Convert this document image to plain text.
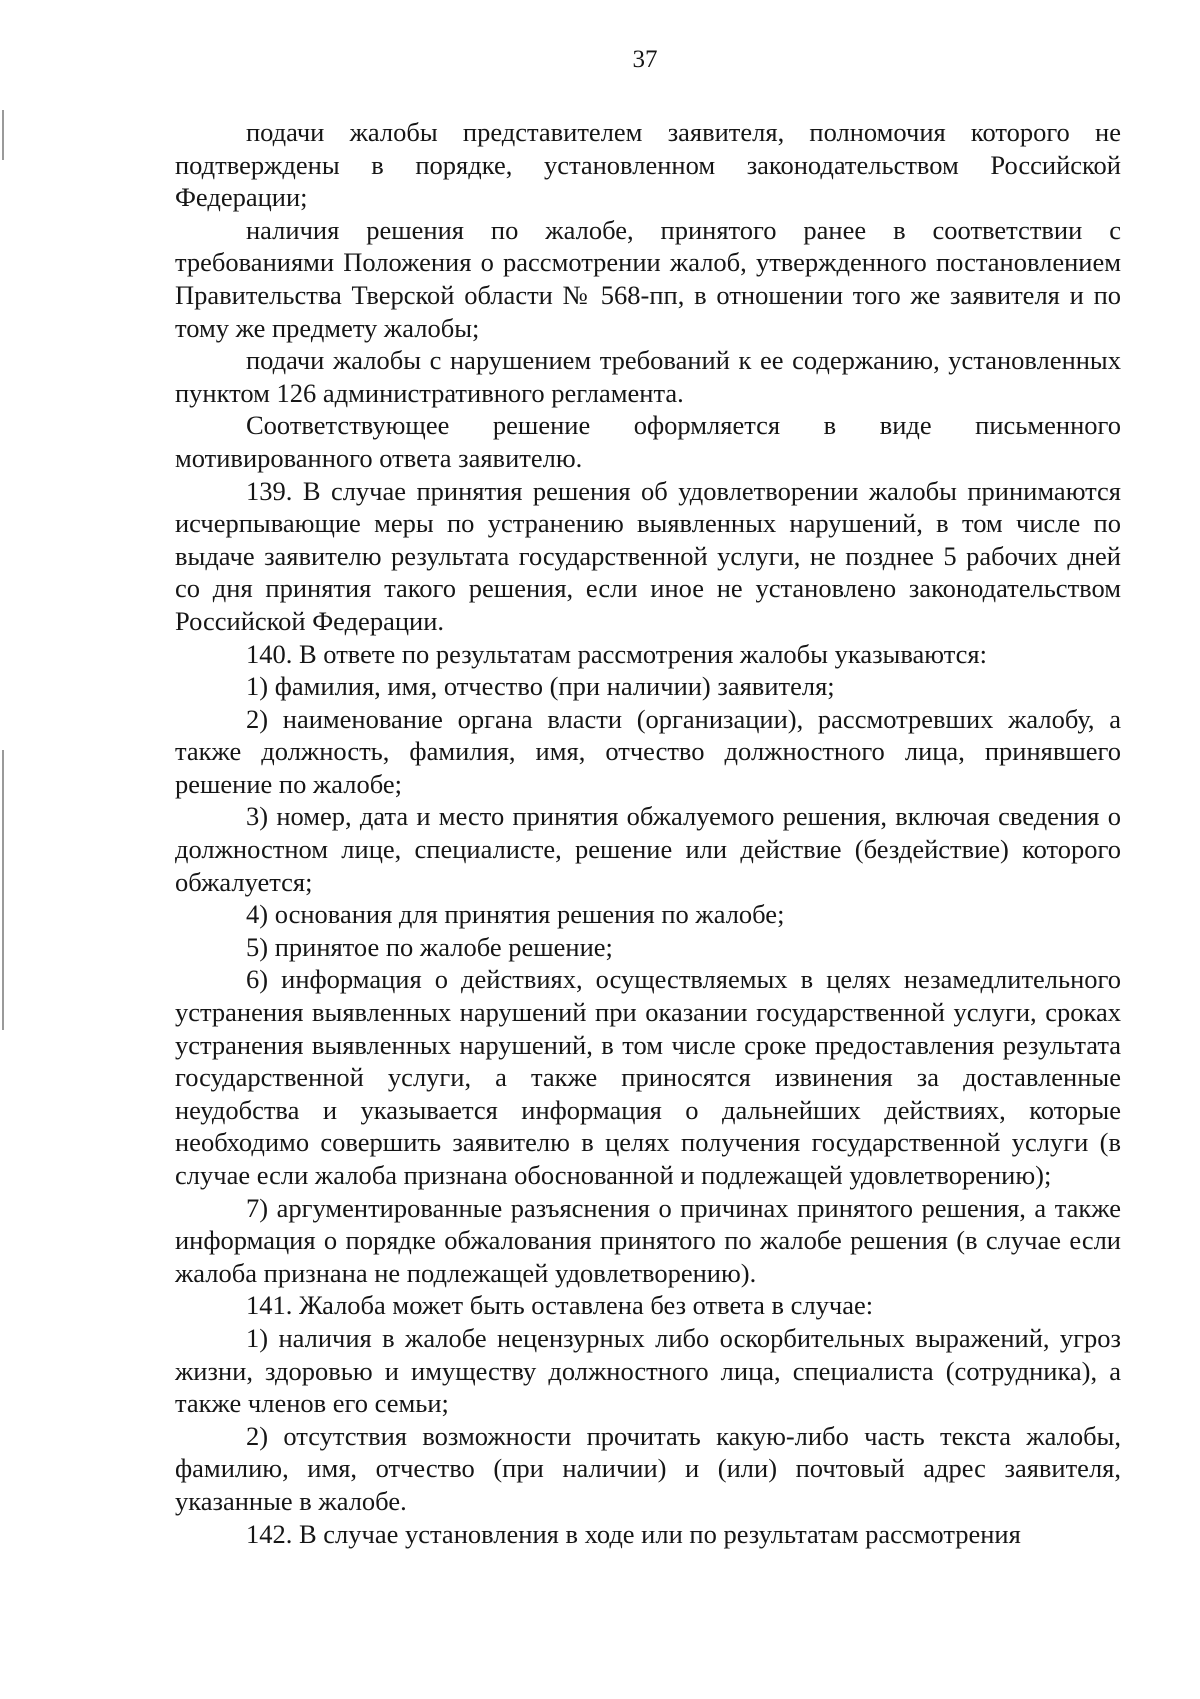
37

подачи жалобы представителем заявителя, полномочия которого не подтверждены в порядке, установленном законодательством Российской Федерации;

наличия решения по жалобе, принятого ранее в соответствии с требованиями Положения о рассмотрении жалоб, утвержденного постановлением Правительства Тверской области № 568-пп, в отношении того же заявителя и по тому же предмету жалобы;

подачи жалобы с нарушением требований к ее содержанию, установленных пунктом 126 административного регламента.

Соответствующее решение оформляется в виде письменного мотивированного ответа заявителю.

139. В случае принятия решения об удовлетворении жалобы принимаются исчерпывающие меры по устранению выявленных нарушений, в том числе по выдаче заявителю результата государственной услуги, не позднее 5 рабочих дней со дня принятия такого решения, если иное не установлено законодательством Российской Федерации.

140. В ответе по результатам рассмотрения жалобы указываются:

1) фамилия, имя, отчество (при наличии) заявителя;

2) наименование органа власти (организации), рассмотревших жалобу, а также должность, фамилия, имя, отчество должностного лица, принявшего решение по жалобе;

3) номер, дата и место принятия обжалуемого решения, включая сведения о должностном лице, специалисте, решение или действие (бездействие) которого обжалуется;

4) основания для принятия решения по жалобе;

5) принятое по жалобе решение;

6) информация о действиях, осуществляемых в целях незамедлительного устранения выявленных нарушений при оказании государственной услуги, сроках устранения выявленных нарушений, в том числе сроке предоставления результата государственной услуги, а также приносятся извинения за доставленные неудобства и указывается информация о дальнейших действиях, которые необходимо совершить заявителю в целях получения государственной услуги (в случае если жалоба признана обоснованной и подлежащей удовлетворению);

7) аргументированные разъяснения о причинах принятого решения, а также информация о порядке обжалования принятого по жалобе решения (в случае если жалоба признана не подлежащей удовлетворению).

141. Жалоба может быть оставлена без ответа в случае:

1) наличия в жалобе нецензурных либо оскорбительных выражений, угроз жизни, здоровью и имуществу должностного лица, специалиста (сотрудника), а также членов его семьи;

2) отсутствия возможности прочитать какую-либо часть текста жалобы, фамилию, имя, отчество (при наличии) и (или) почтовый адрес заявителя, указанные в жалобе.

142. В случае установления в ходе или по результатам рассмотрения
